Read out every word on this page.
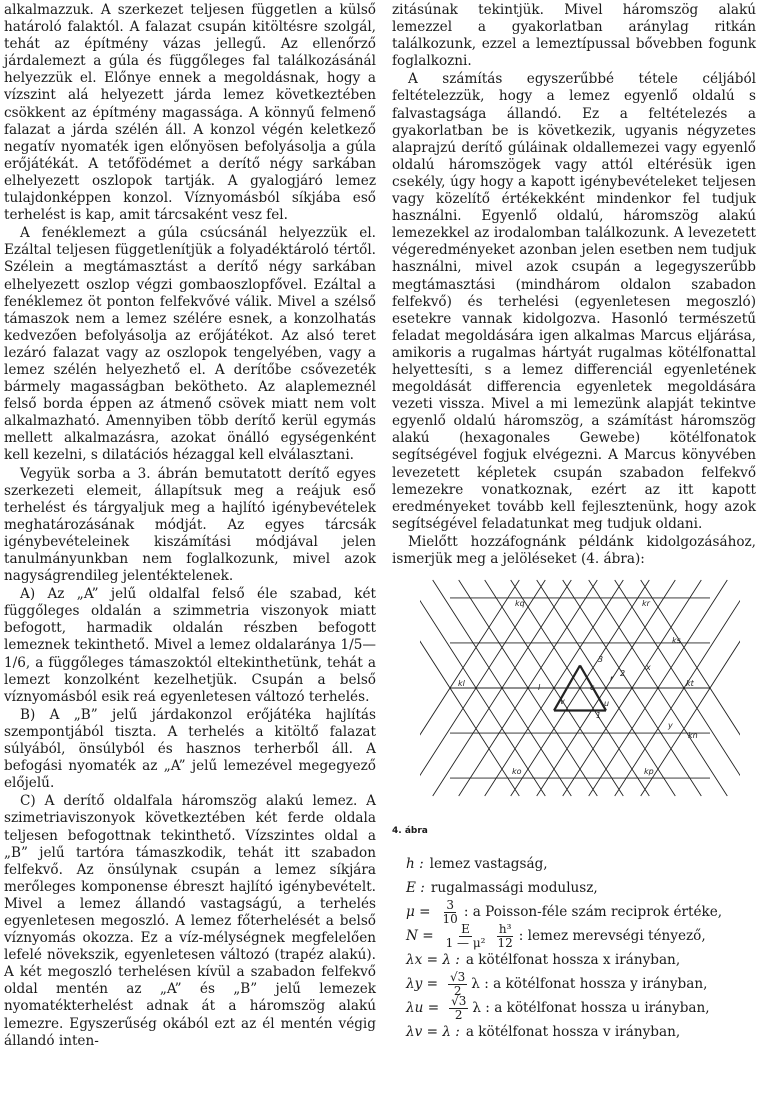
alkalmazzuk. A szerkezet teljesen független a külső határoló falaktól. A falazat csupán kitöltésre szolgál, tehát az építmény vázas jellegű. Az ellenőrző járdalemezt a gúla és függőleges fal találkozásánál helyezzük el. Előnye ennek a megoldásnak, hogy a vízszint alá helyezett járda lemez következtében csökkent az építmény magassága. A könnyű felmenő falazat a járda szélén áll. A konzol végén keletkező negatív nyomaték igen előnyösen befolyásolja a gúla erőjátékát. A tetőfödémet a derítő négy sarkában elhelyezett oszlopok tartják. A gyalogjáró lemez tulajdonképpen konzol. Víznyomásból síkjába eső terhelést is kap, amit tárcsaként vesz fel.

A fenéklemezt a gúla csúcsánál helyezzük el. Ezáltal teljesen függetlenítjük a folyadéktároló tértől. Szélein a megtámasztást a derítő négy sarkában elhelyezett oszlop végzi gombaoszlopfővel. Ezáltal a fenéklemez öt ponton felfekvővé válik. Mivel a szélső támaszok nem a lemez szélére esnek, a konzolhatás kedvezően befolyásolja az erőjátékot. Az alsó teret lezáró falazat vagy az oszlopok tengelyében, vagy a lemez szélén helyezhető el. A derítőbe csővezeték bármely magasságban bekötheto. Az alaplemeznél felső borda éppen az átmenő csövek miatt nem volt alkalmazható. Amennyiben több derítő kerül egymás mellett alkalmazásra, azokat önálló egységenként kell kezelni, s dilatációs hézaggal kell elválasztani.

Vegyük sorba a 3. ábrán bemutatott derítő egyes szerkezeti elemeit, állapítsuk meg a reájuk eső terhelést és tárgyaljuk meg a hajlító igénybevételek meghatározásának módját. Az egyes tárcsák igénybevételeinek kiszámítási módjával jelen tanulmányunkban nem foglalkozunk, mivel azok nagyságrendileg jelentéktelenek.

A) Az „A” jelű oldalfal felső éle szabad, két függőleges oldalán a szimmetria viszonyok miatt befogott, harmadik oldalán részben befogott lemeznek tekinthető. Mivel a lemez oldalaránya 1/5—1/6, a függőleges támaszoktól eltekinthetünk, tehát a lemezt konzolként kezelhetjük. Csupán a belső víznyomásból esik reá egyenletesen változó terhelés.

B) A „B” jelű járdakonzol erőjátéka hajlítás szempontjából tiszta. A terhelés a kitöltő falazat súlyából, önsúlyból és hasznos terherből áll. A befogási nyomaték az „A” jelű lemezével megegyező előjelű.

C) A derítő oldalfala háromszög alakú lemez. A szimetriaviszonyok következtében két ferde oldala teljesen befogottnak tekinthető. Vízszintes oldal a „B” jelű tartóra támaszkodik, tehát itt szabadon felfekvő. Az önsúlynak csupán a lemez síkjára merőleges komponense ébreszt hajlító igénybevételt. Mivel a lemez állandó vastagságú, a terhelés egyenletesen megoszló. A lemez főterhelését a belső víznyomás okozza. Ez a víz-mélységnek megfelelően lefelé növekszik, egyenletesen változó (trapéz alakú). A két megoszló terhelésen kívül a szabadon felfekvő oldal mentén az „A” és „B” jelű lemezek nyomatékterhelést adnak át a háromszög alakú lemezre. Egyszerűség okából ezt az él mentén végig állandó inten-

zitásúnak tekintjük. Mivel háromszög alakú lemezzel a gyakorlatban aránylag ritkán találkozunk, ezzel a lemeztípussal bővebben fogunk foglalkozni.

A számítás egyszerűbbé tétele céljából feltételezzük, hogy a lemez egyenlő oldalú s falvastagsága állandó. Ez a feltételezés a gyakorlatban be is következik, ugyanis négyzetes alaprajzú derítő gúláinak oldallemezei vagy egyenlő oldalú háromszögek vagy attól eltérésük igen csekély, úgy hogy a kapott igénybevételeket teljesen vagy közelítő értékekként mindenkor fel tudjuk használni. Egyenlő oldalú, háromszög alakú lemezekkel az irodalomban találkozunk. A levezetett végeredményeket azonban jelen esetben nem tudjuk használni, mivel azok csupán a legegyszerűbb megtámasztási (mindhárom oldalon szabadon felfekvő) és terhelési (egyenletesen megoszló) esetekre vannak kidolgozva. Hasonló természetű feladat megoldására igen alkalmas Marcus eljárása, amikoris a rugalmas hártyát rugalmas kötélfonattal helyettesíti, s a lemez differenciál egyenletének megoldását differencia egyenletek megoldására vezeti vissza. Mivel a mi lemezünk alapját tekintve egyenlő oldalú háromszög, a számítást háromszög alakú (hexagonales Gewebe) kötélfonatok segítségével fogjuk elvégezni. A Marcus könyvében levezetett képletek csupán szabadon felfekvő lemezekre vonatkoznak, ezért az itt kapott eredményeket tovább kell fejlesztenünk, hogy azok segítségével feladatunkat meg tudjuk oldani.

Mielőtt hozzáfognánk példánk kidolgozásához, ismerjük meg a jelöléseket (4. ábra):

kq	kr
ks
kl	kt
kn
ko	kp
l	c
r
3
2
1
u
v
x
y
4. ábra
h : lemez vastagság,
E : rugalmassági modulusz,
$\mu = \frac{3}{10}$ : a Poisson-féle szám reciprok értéke,
$N = \frac{E}{\text{1 — μ²}} \frac{\text{h³}}{12}$ : lemez merevségi tényező,
λx = λ : a kötélfonat hossza x irányban,
$\lambda y = \frac{√3}{2}$ λ : a kötélfonat hossza y irányban,
$\lambda u = \frac{√3}{2}$ λ : a kötélfonat hossza u irányban,
λv = λ : a kötélfonat hossza v irányban,
